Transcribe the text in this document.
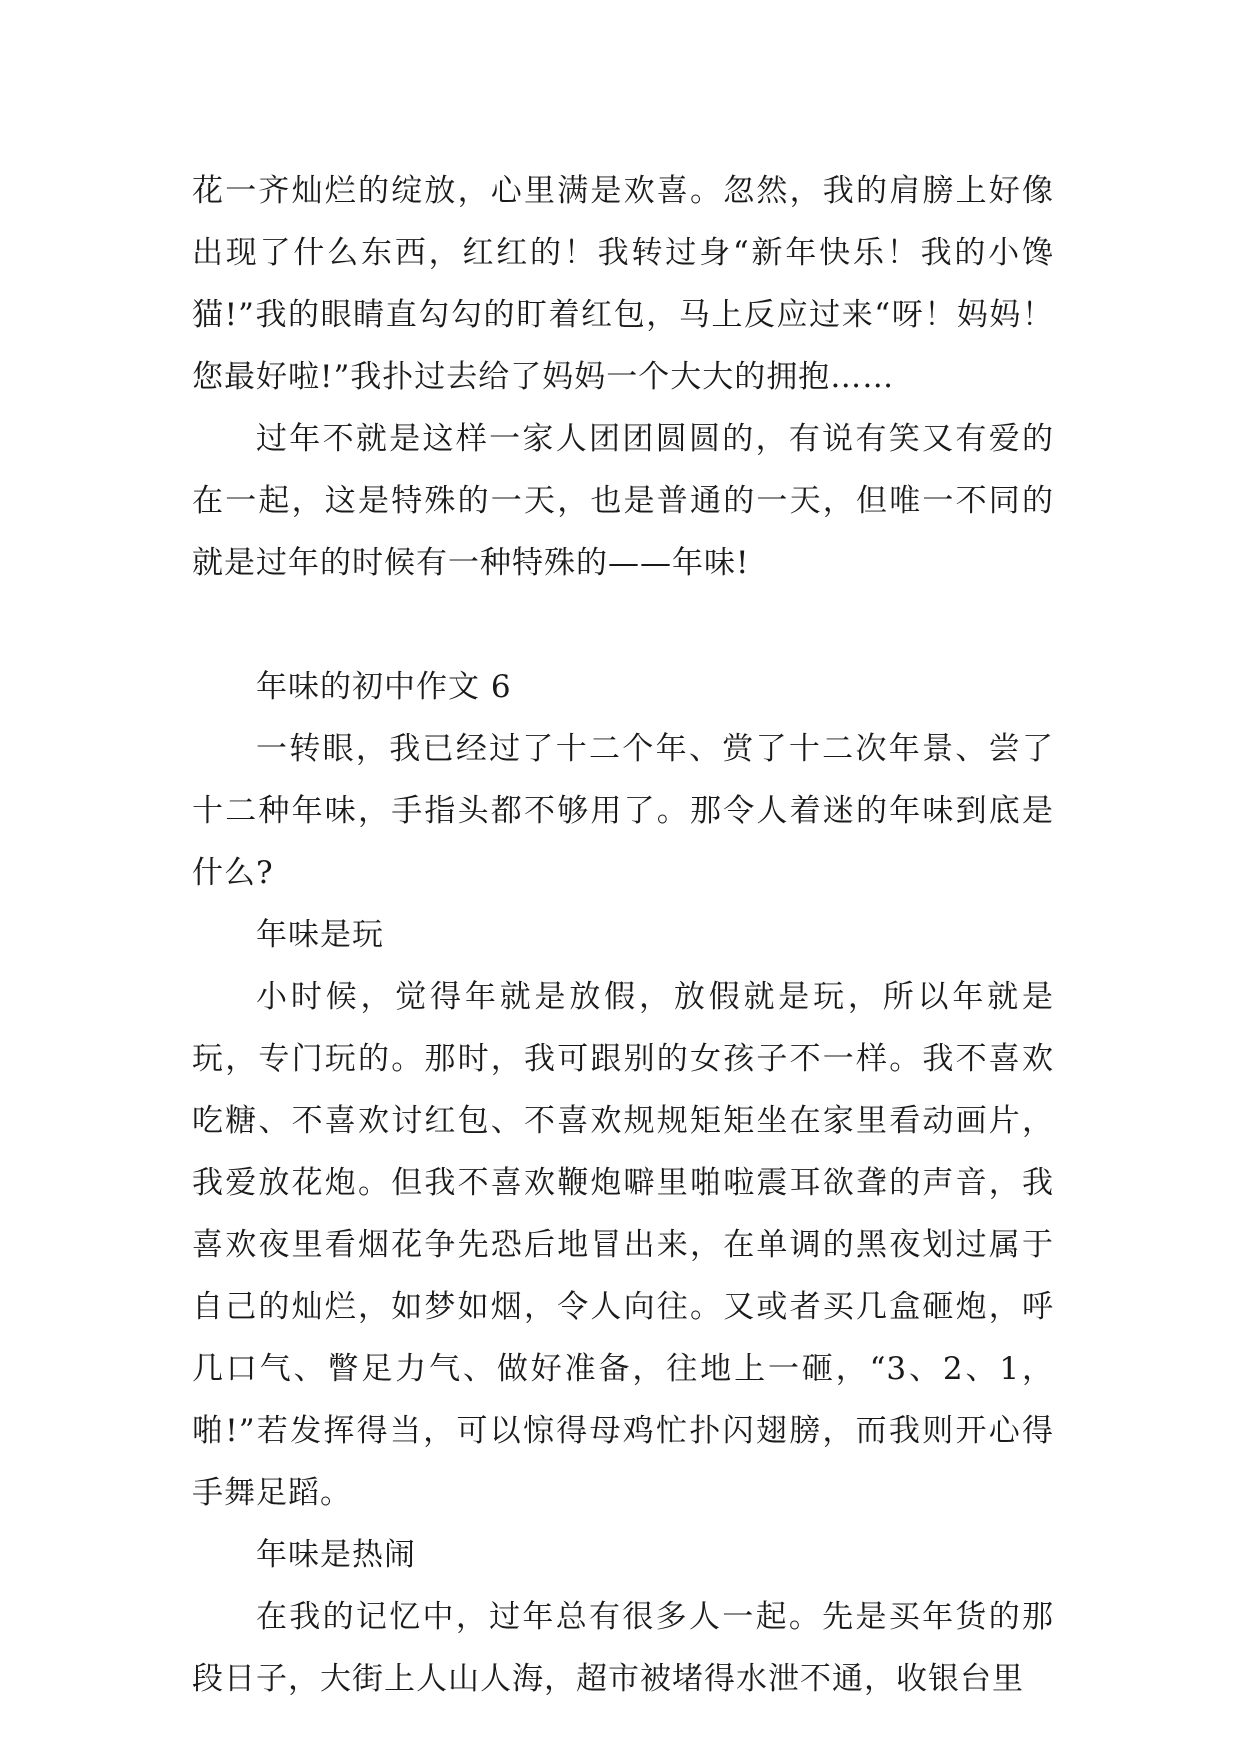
花一齐灿烂的绽放，心里满是欢喜。忽然，我的肩膀上好像出现了什么东西，红红的！我转过身“新年快乐！我的小馋猫!”我的眼睛直勾勾的盯着红包，马上反应过来“呀！妈妈！您最好啦!”我扑过去给了妈妈一个大大的拥抱……

过年不就是这样一家人团团圆圆的，有说有笑又有爱的在一起，这是特殊的一天，也是普通的一天，但唯一不同的就是过年的时候有一种特殊的——年味!

年味的初中作文 6

一转眼，我已经过了十二个年、赏了十二次年景、尝了十二种年味，手指头都不够用了。那令人着迷的年味到底是什么?

年味是玩

小时候，觉得年就是放假，放假就是玩，所以年就是玩，专门玩的。那时，我可跟别的女孩子不一样。我不喜欢吃糖、不喜欢讨红包、不喜欢规规矩矩坐在家里看动画片，我爱放花炮。但我不喜欢鞭炮噼里啪啦震耳欲聋的声音，我喜欢夜里看烟花争先恐后地冒出来，在单调的黑夜划过属于自己的灿烂，如梦如烟，令人向往。又或者买几盒砸炮，呼几口气、瞥足力气、做好准备，往地上一砸，“3、2、1，啪!”若发挥得当，可以惊得母鸡忙扑闪翅膀，而我则开心得手舞足蹈。

年味是热闹

在我的记忆中，过年总有很多人一起。先是买年货的那段日子，大街上人山人海，超市被堵得水泄不通，收银台里
